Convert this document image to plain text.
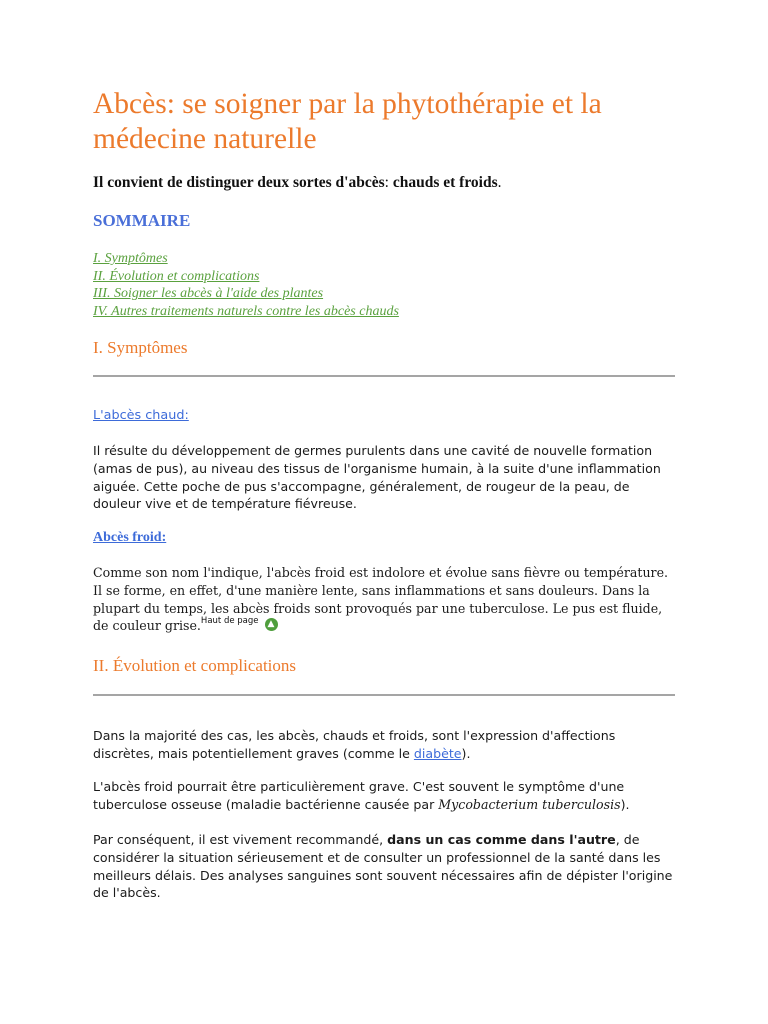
Abcès: se soigner par la phytothérapie et la médecine naturelle

Il convient de distinguer deux sortes d'abcès: chauds et froids.

SOMMAIRE
I. Symptômes
II. Évolution et complications
III. Soigner les abcès à l'aide des plantes
IV. Autres traitements naturels contre les abcès chauds
I. Symptômes
L'abcès chaud:

Il résulte du développement de germes purulents dans une cavité de nouvelle formation (amas de pus), au niveau des tissus de l'organisme humain, à la suite d'une inflammation aiguée. Cette poche de pus s'accompagne, généralement, de rougeur de la peau, de douleur vive et de température fiévreuse.

Abcès froid:

Comme son nom l'indique, l'abcès froid est indolore et évolue sans fièvre ou température. Il se forme, en effet, d'une manière lente, sans inflammations et sans douleurs. Dans la plupart du temps, les abcès froids sont provoqués par une tuberculose. Le pus est fluide, de couleur grise.$^{Haut de page}$ ▲

II. Évolution et complications

Dans la majorité des cas, les abcès, chauds et froids, sont l'expression d'affections discrètes, mais potentiellement graves (comme le diabète).

L'abcès froid pourrait être particulièrement grave. C'est souvent le symptôme d'une tuberculose osseuse (maladie bactérienne causée par Mycobacterium tuberculosis).

Par conséquent, il est vivement recommandé, dans un cas comme dans l'autre, de considérer la situation sérieusement et de consulter un professionnel de la santé dans les meilleurs délais. Des analyses sanguines sont souvent nécessaires afin de dépister l'origine de l'abcès.
